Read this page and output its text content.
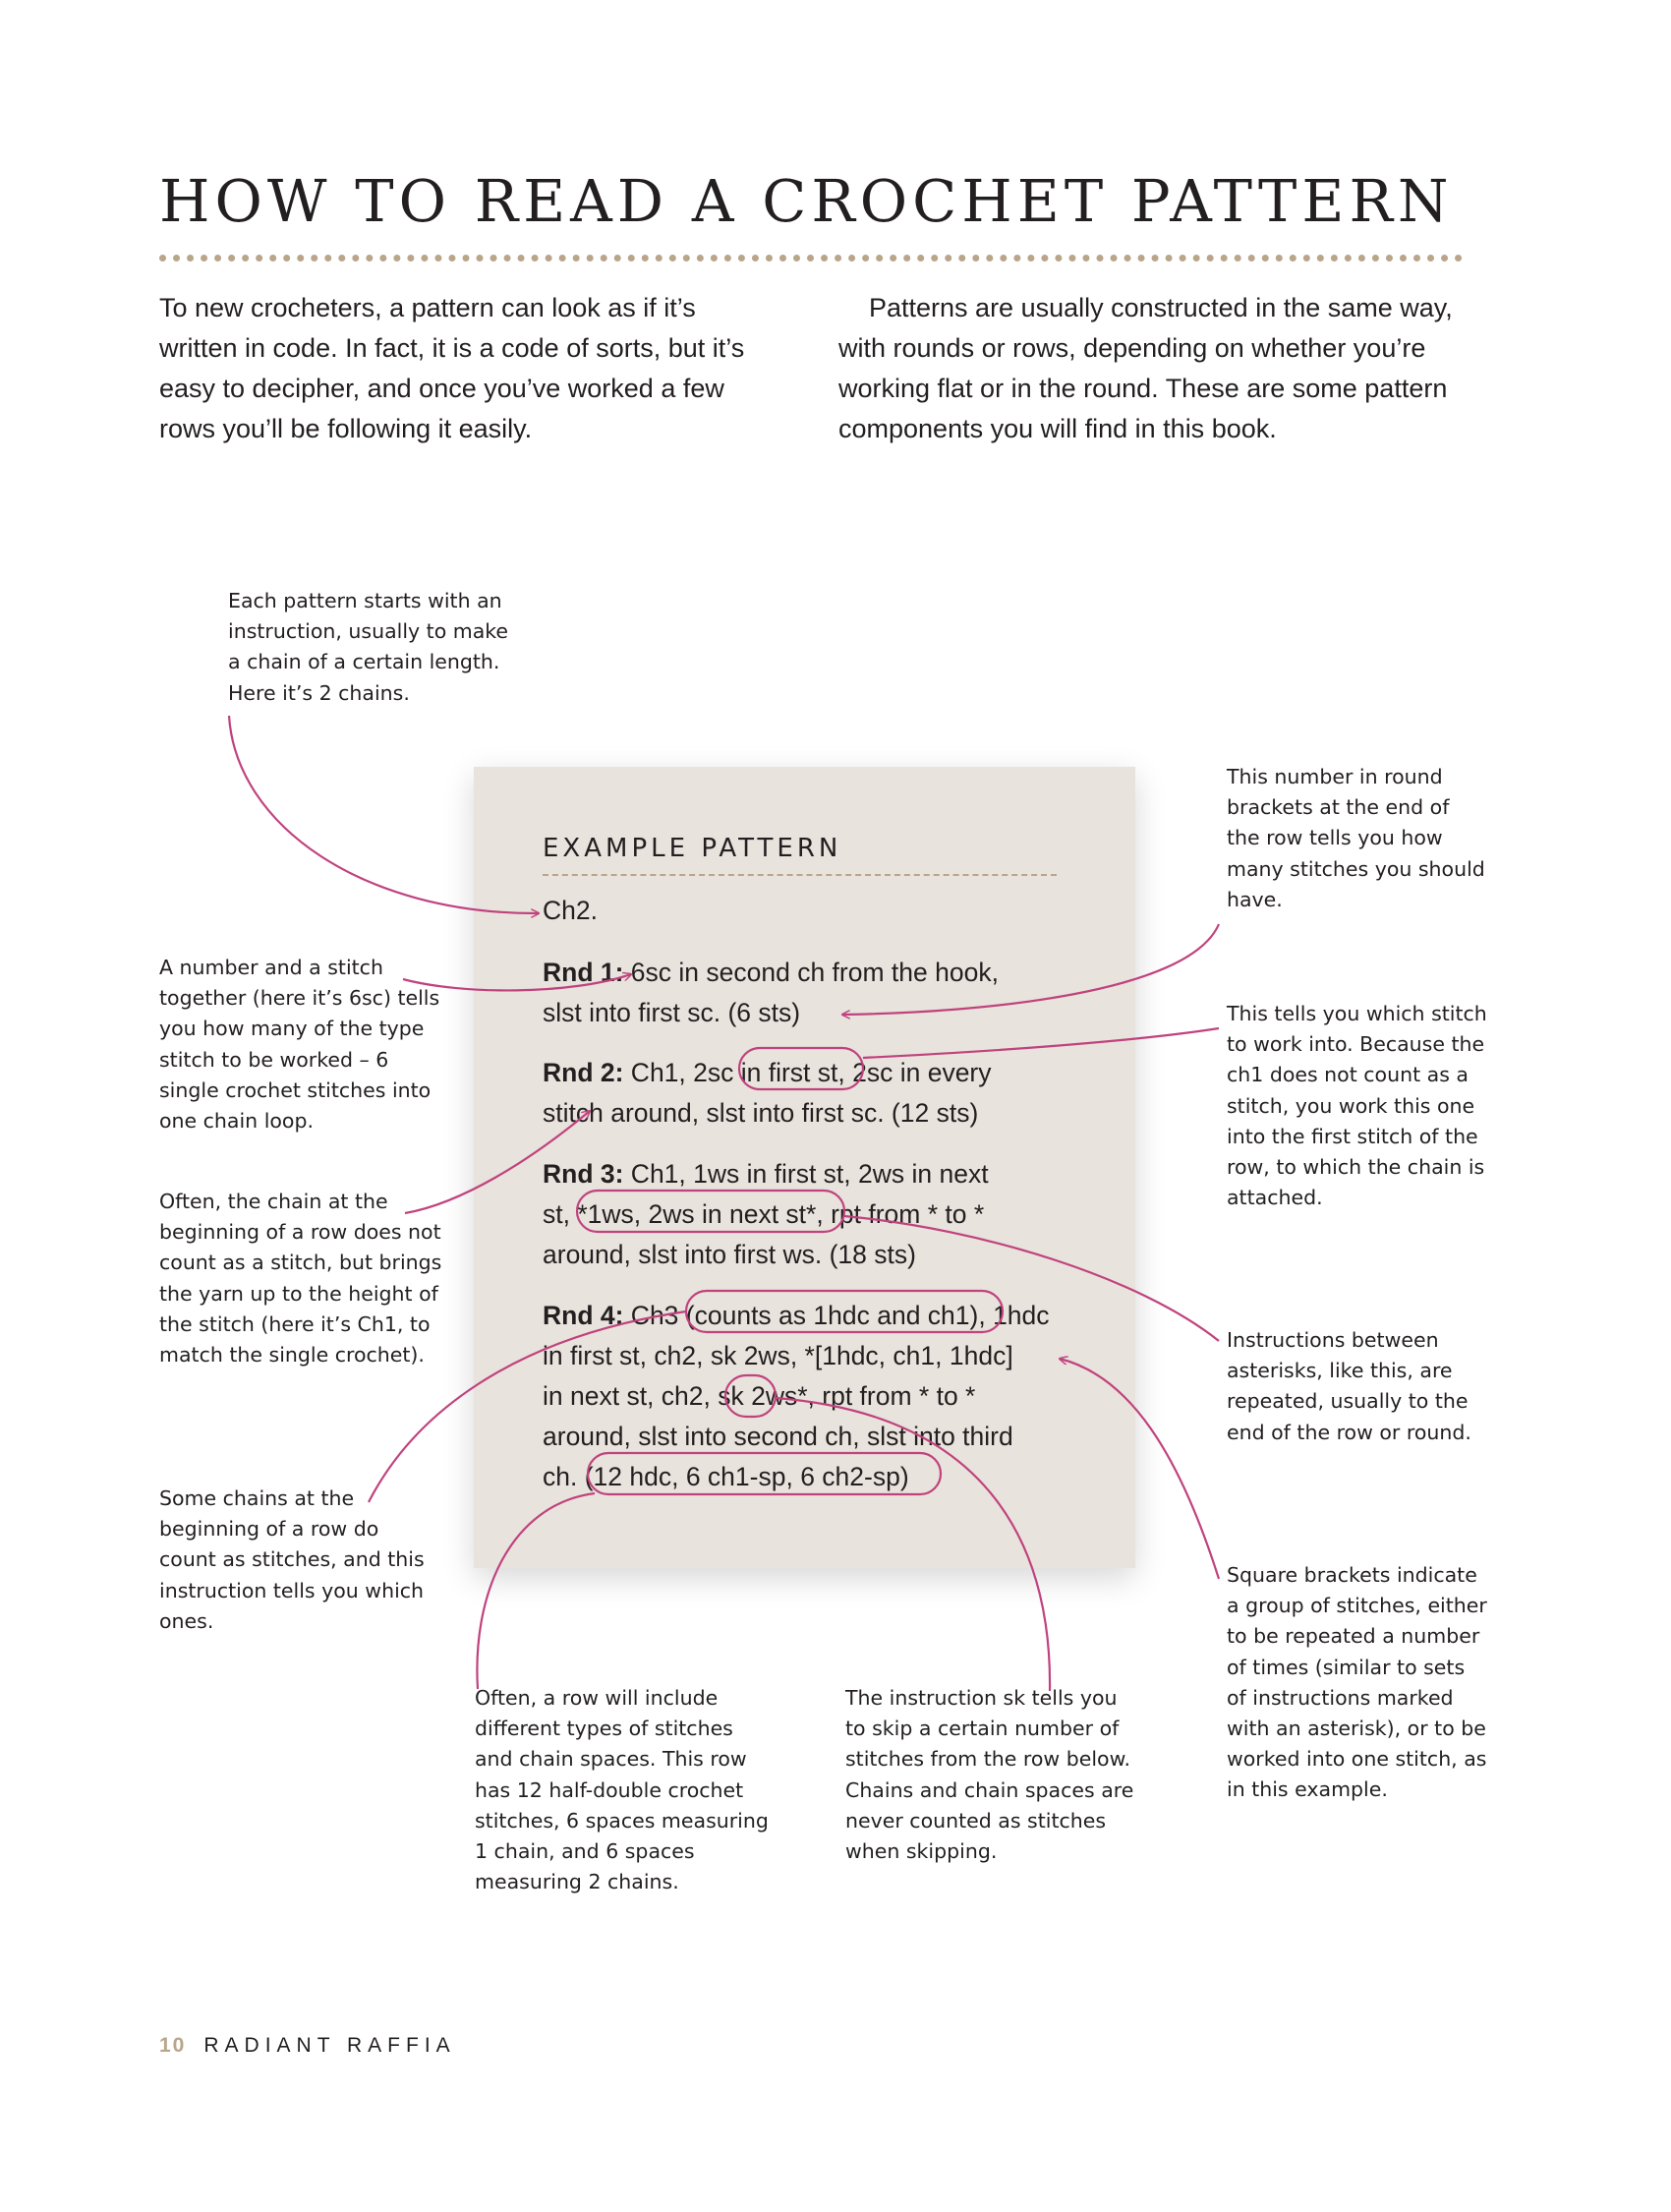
HOW TO READ A CROCHET PATTERN

To new crocheters, a pattern can look as if it’s written in code. In fact, it is a code of sorts, but it’s easy to decipher, and once you’ve worked a few rows you’ll be following it easily.

Patterns are usually constructed in the same way, with rounds or rows, depending on whether you’re working flat or in the round. These are some pattern components you will find in this book.

EXAMPLE PATTERN
Ch2.
Rnd 1: 6sc in second ch from the hook,
slst into first sc. (6 sts)
Rnd 2: Ch1, 2sc in first st, 2sc in every
stitch around, slst into first sc. (12 sts)
Rnd 3: Ch1, 1ws in first st, 2ws in next
st, *1ws, 2ws in next st*, rpt from * to *
around, slst into first ws. (18 sts)
Rnd 4: Ch3 (counts as 1hdc and ch1), 1hdc
in first st, ch2, sk 2ws, *[1hdc, ch1, 1hdc]
in next st, ch2, sk 2ws*, rpt from * to *
around, slst into second ch, slst into third
ch. (12 hdc, 6 ch1-sp, 6 ch2-sp)

Each pattern starts with an instruction, usually to make a chain of a certain length. Here it’s 2 chains.

A number and a stitch together (here it’s 6sc) tells you how many of the type stitch to be worked – 6 single crochet stitches into one chain loop.

Often, the chain at the beginning of a row does not count as a stitch, but brings the yarn up to the height of the stitch (here it’s Ch1, to match the single crochet).

Some chains at the beginning of a row do count as stitches, and this instruction tells you which ones.

This number in round brackets at the end of the row tells you how many stitches you should have.

This tells you which stitch to work into. Because the ch1 does not count as a stitch, you work this one into the first stitch of the row, to which the chain is attached.

Instructions between asterisks, like this, are repeated, usually to the end of the row or round.

Square brackets indicate a group of stitches, either to be repeated a number of times (similar to sets of instructions marked with an asterisk), or to be worked into one stitch, as in this example.

Often, a row will include different types of stitches and chain spaces. This row has 12 half-double crochet stitches, 6 spaces measuring 1 chain, and 6 spaces measuring 2 chains.

The instruction sk tells you to skip a certain number of stitches from the row below. Chains and chain spaces are never counted as stitches when skipping.

10 RADIANT RAFFIA
